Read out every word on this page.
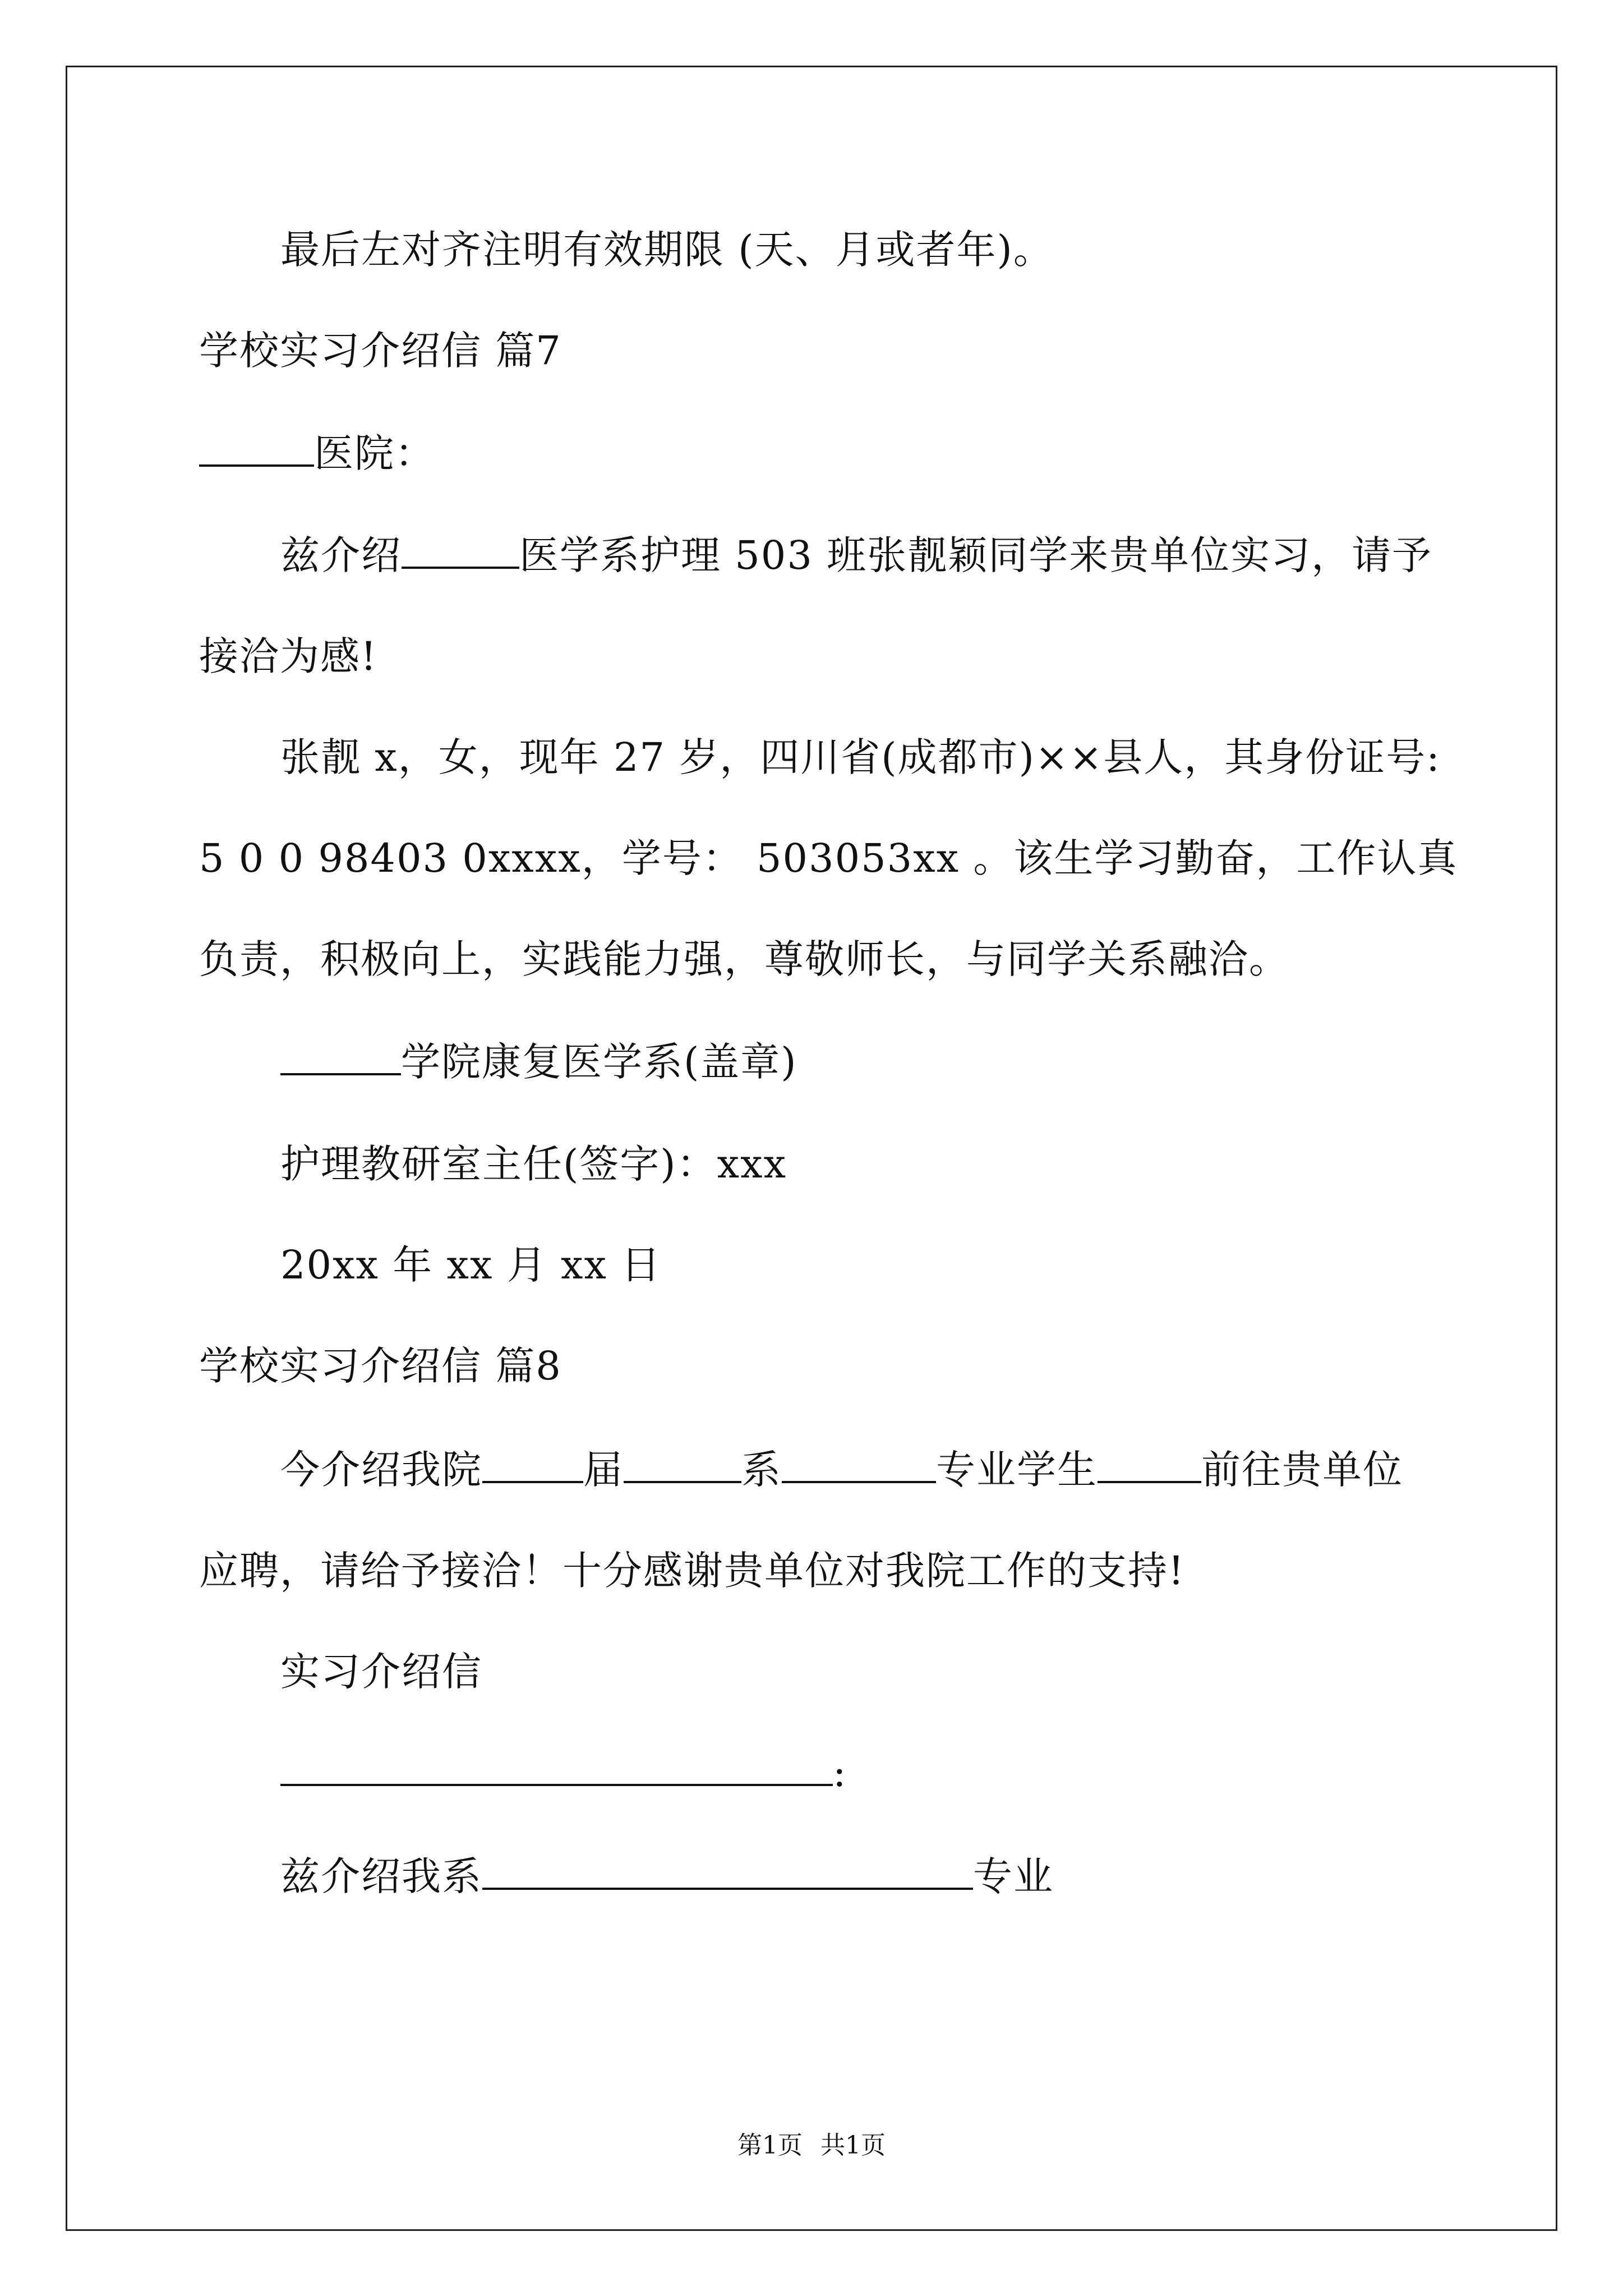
最后左对齐注明有效期限 (天、月或者年)。
学校实习介绍信 篇7
医院：
兹介绍	医学系护理 503 班张靓颖同学来贵单位实习，请予
接洽为感!
张靓 x，女，现年 27 岁，四川省(成都市)××县人，其身份证号:
5 0 0 98403 0xxxx，学号： 503053xx 。该生学习勤奋，工作认真
负责，积极向上，实践能力强，尊敬师长，与同学关系融洽。
学院康复医学系(盖章)
护理教研室主任(签字)：xxx
20xx 年 xx 月 xx 日
学校实习介绍信 篇8
今介绍我院	届	系	专业学生	前往贵单位
应聘，请给予接洽！十分感谢贵单位对我院工作的支持!
实习介绍信
:
兹介绍我系	专业
第1页 共1页
